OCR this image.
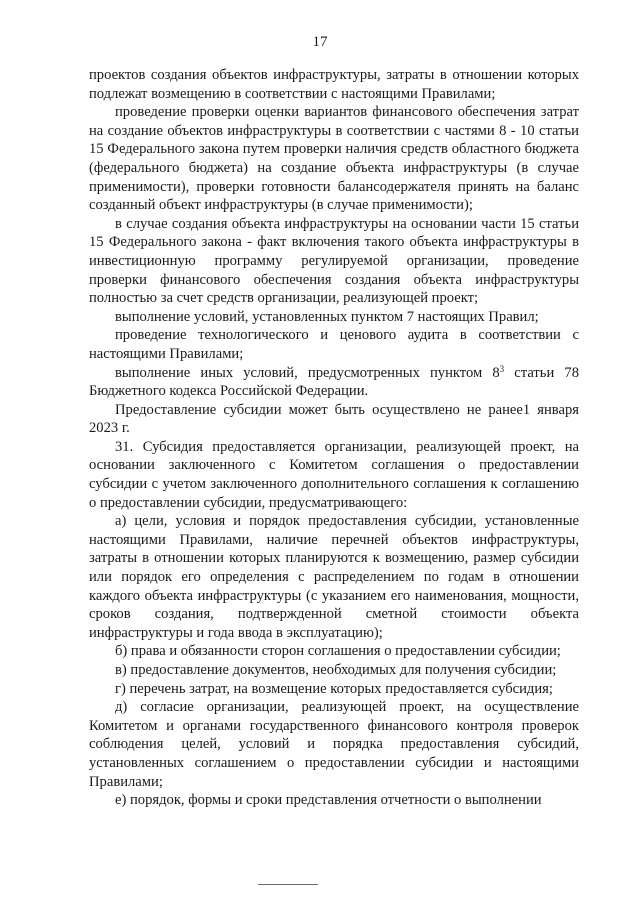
17

проектов создания объектов инфраструктуры, затраты в отношении которых подлежат возмещению в соответствии с настоящими Правилами;

проведение проверки оценки вариантов финансового обеспечения затрат на создание объектов инфраструктуры в соответствии с частями 8 - 10 статьи 15 Федерального закона путем проверки наличия средств областного бюджета (федерального бюджета) на создание объекта инфраструктуры (в случае применимости), проверки готовности балансодержателя принять на баланс созданный объект инфраструктуры (в случае применимости);

в случае создания объекта инфраструктуры на основании части 15 статьи 15 Федерального закона - факт включения такого объекта инфраструктуры в инвестиционную программу регулируемой организации, проведение проверки финансового обеспечения создания объекта инфраструктуры полностью за счет средств организации, реализующей проект;

выполнение условий, установленных пунктом 7 настоящих Правил;

проведение технологического и ценового аудита в соответствии с настоящими Правилами;

выполнение иных условий, предусмотренных пунктом $8^3$ статьи 78 Бюджетного кодекса Российской Федерации.

Предоставление субсидии может быть осуществлено не ранее1 января 2023 г.

31. Субсидия предоставляется организации, реализующей проект, на основании заключенного с Комитетом соглашения о предоставлении субсидии с учетом заключенного дополнительного соглашения к соглашению о предоставлении субсидии, предусматривающего:

а) цели, условия и порядок предоставления субсидии, установленные настоящими Правилами, наличие перечней объектов инфраструктуры, затраты в отношении которых планируются к возмещению, размер субсидии или порядок его определения с распределением по годам в отношении каждого объекта инфраструктуры (с указанием его наименования, мощности, сроков создания, подтвержденной сметной стоимости объекта инфраструктуры и года ввода в эксплуатацию);

б) права и обязанности сторон соглашения о предоставлении субсидии;

в) предоставление документов, необходимых для получения субсидии;

г) перечень затрат, на возмещение которых предоставляется субсидия;

д) согласие организации, реализующей проект, на осуществление Комитетом и органами государственного финансового контроля проверок соблюдения целей, условий и порядка предоставления субсидий, установленных соглашением о предоставлении субсидии и настоящими Правилами;

е) порядок, формы и сроки представления отчетности о выполнении
